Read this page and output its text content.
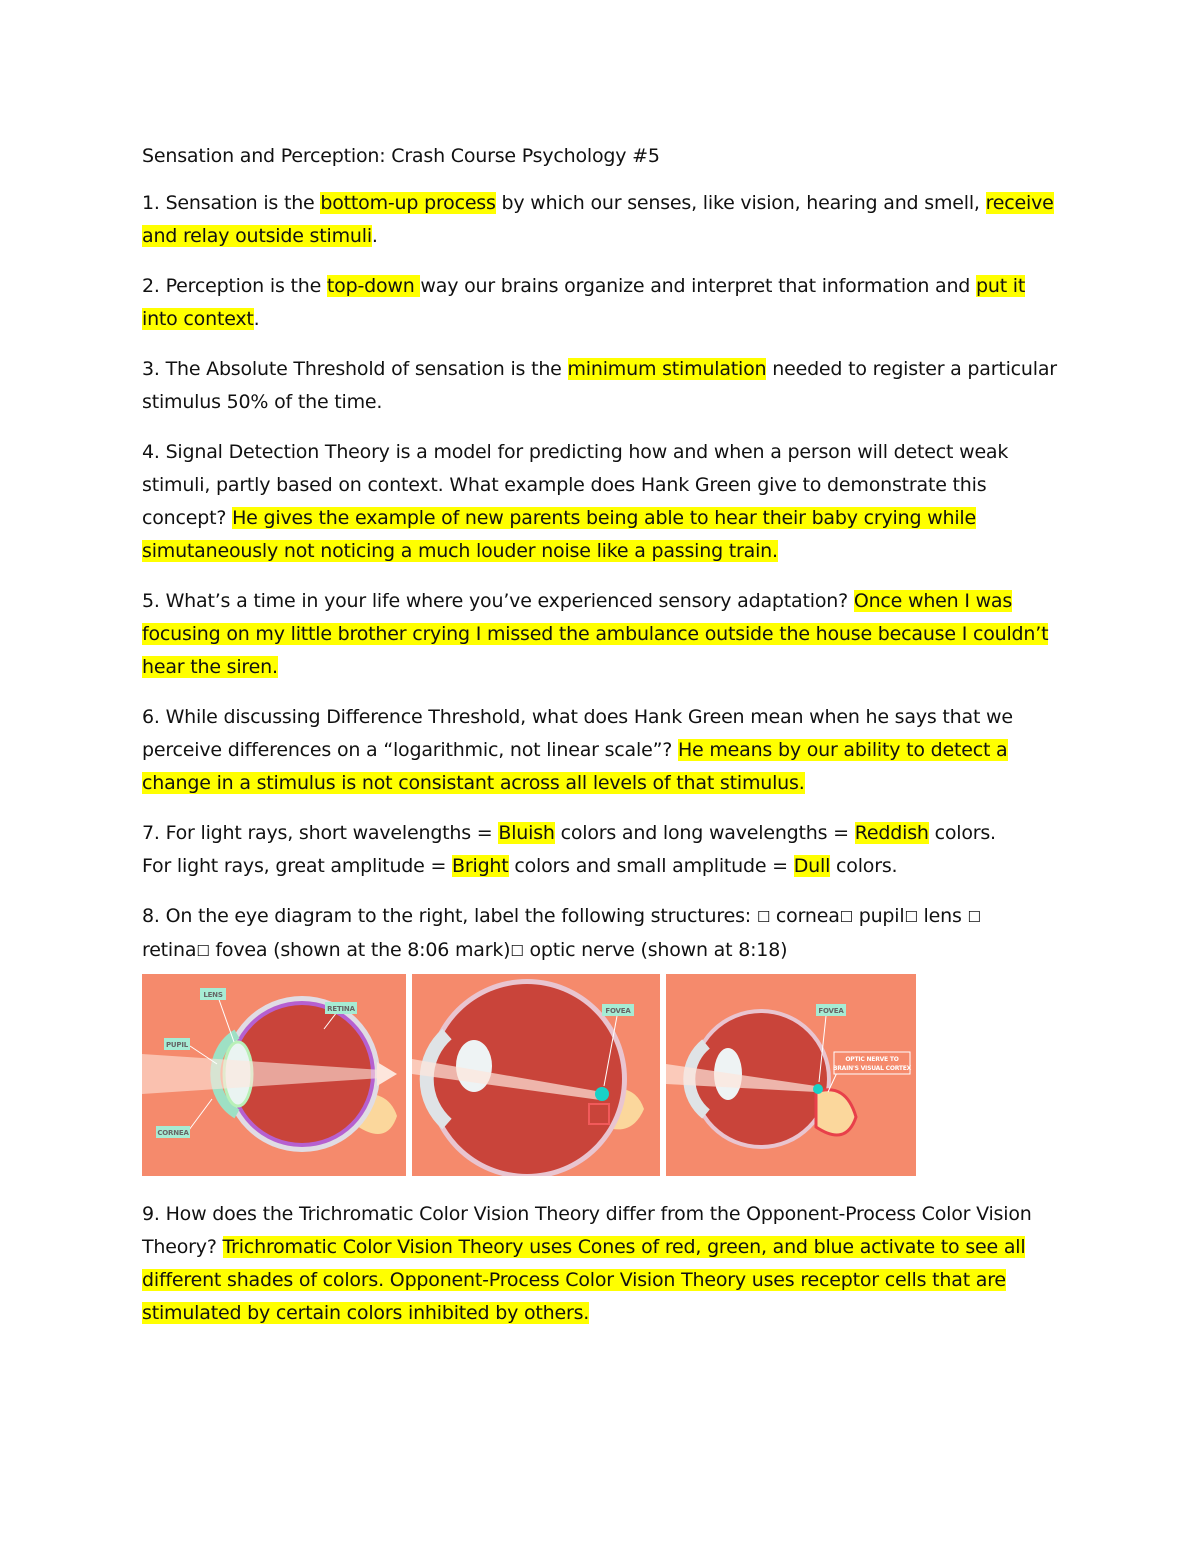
Sensation and Perception: Crash Course Psychology #5

1. Sensation is the bottom-up process by which our senses, like vision, hearing and smell, receive and relay outside stimuli.

2. Perception is the top-down way our brains organize and interpret that information and put it into context.

3. The Absolute Threshold of sensation is the minimum stimulation needed to register a particular stimulus 50% of the time.

4. Signal Detection Theory is a model for predicting how and when a person will detect weak stimuli, partly based on context. What example does Hank Green give to demonstrate this concept? He gives the example of new parents being able to hear their baby crying while simutaneously not noticing a much louder noise like a passing train.

5. What’s a time in your life where you’ve experienced sensory adaptation? Once when I was focusing on my little brother crying I missed the ambulance outside the house because I couldn’t hear the siren.

6. While discussing Difference Threshold, what does Hank Green mean when he says that we perceive differences on a “logarithmic, not linear scale”? He means by our ability to detect a change in a stimulus is not consistant across all levels of that stimulus.

7. For light rays, short wavelengths = Bluish colors and long wavelengths = Reddish colors.
For light rays, great amplitude = Bright colors and small amplitude = Dull colors.

8. On the eye diagram to the right, label the following structures: ☐ cornea☐ pupil☐ lens ☐
retina☐ fovea (shown at the 8:06 mark)☐ optic nerve (shown at 8:18)

LENS
RETINA
PUPIL
CORNEA
FOVEA	FOVEA
OPTIC NERVE TO
BRAIN'S VISUAL CORTEX

9. How does the Trichromatic Color Vision Theory differ from the Opponent-Process Color Vision Theory? Trichromatic Color Vision Theory uses Cones of red, green, and blue activate to see all different shades of colors. Opponent-Process Color Vision Theory uses receptor cells that are stimulated by certain colors inhibited by others.
